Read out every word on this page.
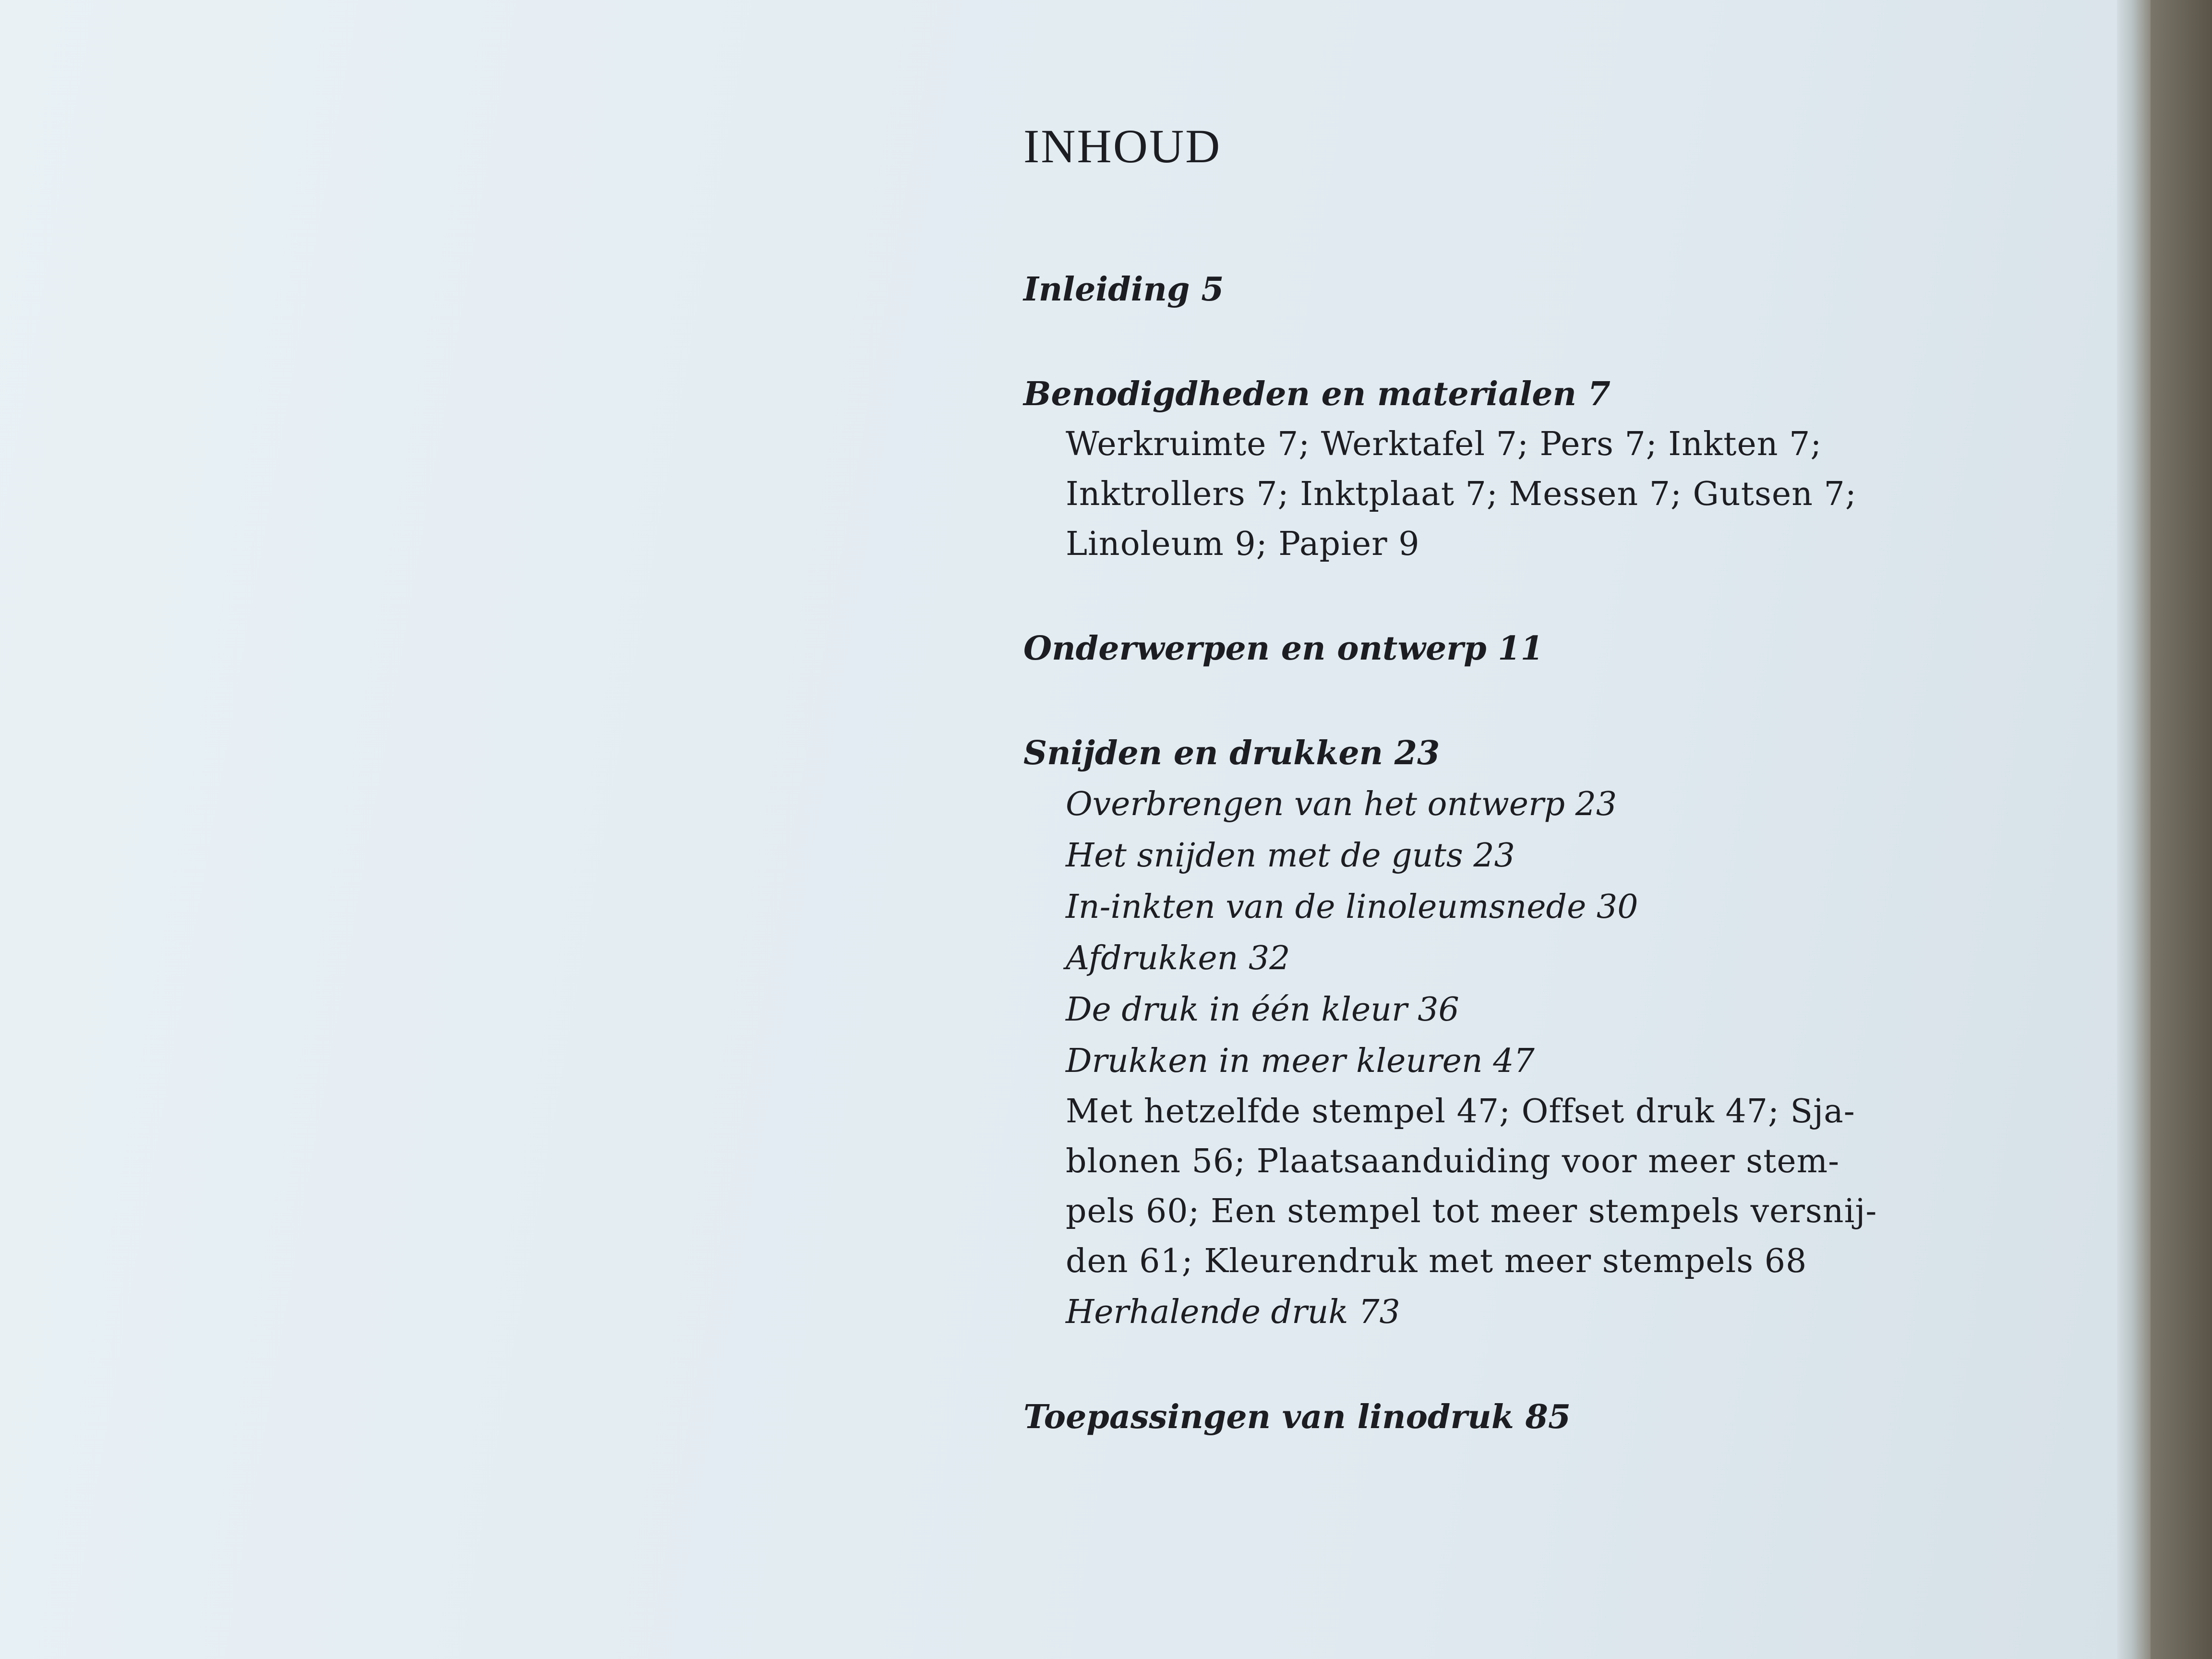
INHOUD
Inleiding 5
Benodigdheden en materialen 7
Werkruimte 7; Werktafel 7; Pers 7; Inkten 7;
Inktrollers 7; Inktplaat 7; Messen 7; Gutsen 7;
Linoleum 9; Papier 9
Onderwerpen en ontwerp 11
Snijden en drukken 23
Overbrengen van het ontwerp 23
Het snijden met de guts 23
In-inkten van de linoleumsnede 30
Afdrukken 32
De druk in één kleur 36
Drukken in meer kleuren 47
Met hetzelfde stempel 47; Offset druk 47; Sja-
blonen 56; Plaatsaanduiding voor meer stem-
pels 60; Een stempel tot meer stempels versnij-
den 61; Kleurendruk met meer stempels 68
Herhalende druk 73
Toepassingen van linodruk 85
